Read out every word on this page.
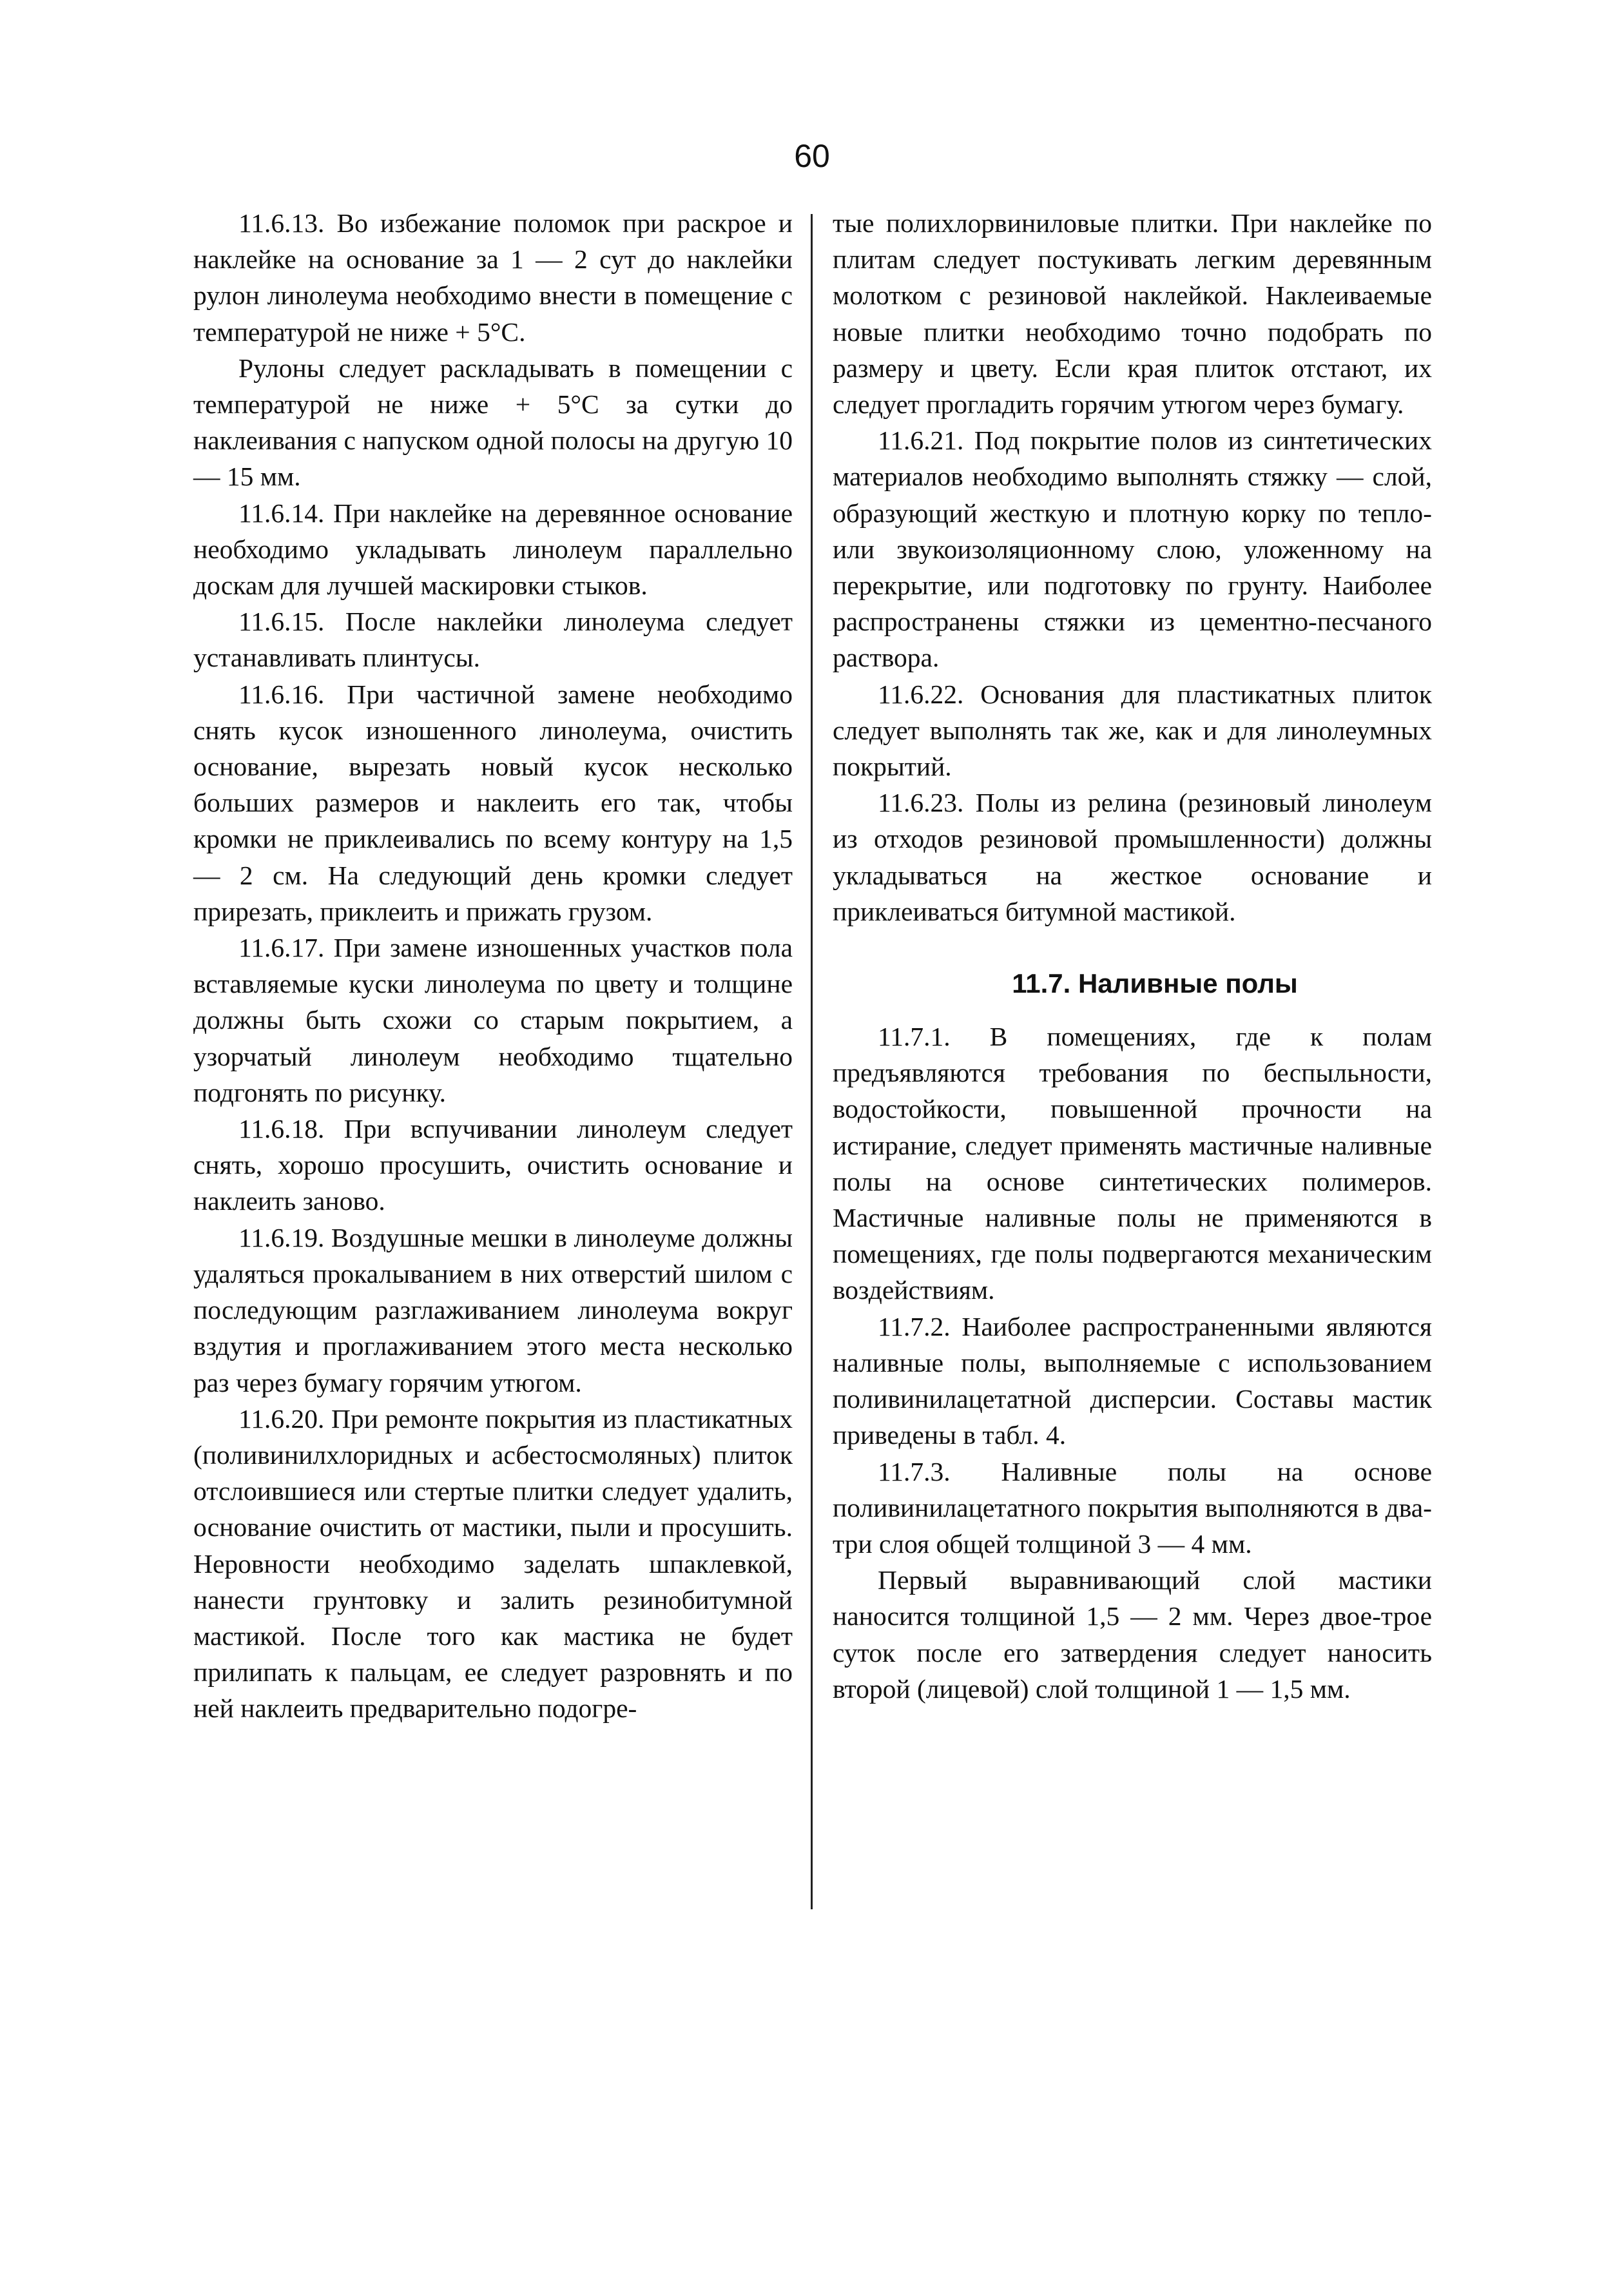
60

11.6.13. Во избежание поломок при раскрое и наклейке на основание за 1 — 2 сут до наклейки рулон линолеума необходимо внести в помещение с температурой не ниже + 5°С.

Рулоны следует раскладывать в помещении с температурой не ниже + 5°С за сутки до наклеивания с напуском одной полосы на другую 10 — 15 мм.

11.6.14. При наклейке на деревянное основание необходимо укладывать линолеум параллельно доскам для лучшей маскировки стыков.

11.6.15. После наклейки линолеума следует устанавливать плинтусы.

11.6.16. При частичной замене необходимо снять кусок изношенного линолеума, очистить основание, вырезать новый кусок несколько больших размеров и наклеить его так, чтобы кромки не приклеивались по всему контуру на 1,5 — 2 см. На следующий день кромки следует прирезать, приклеить и прижать грузом.

11.6.17. При замене изношенных участков пола вставляемые куски линолеума по цвету и толщине должны быть схожи со старым покрытием, а узорчатый линолеум необходимо тщательно подгонять по рисунку.

11.6.18. При вспучивании линолеум следует снять, хорошо просушить, очистить основание и наклеить заново.

11.6.19. Воздушные мешки в линолеуме должны удаляться прокалыванием в них отверстий шилом с последующим разглаживанием линолеума вокруг вздутия и проглаживанием этого места несколько раз через бумагу горячим утюгом.

11.6.20. При ремонте покрытия из пластикатных (поливинилхлоридных и асбестосмоляных) плиток отслоившиеся или стертые плитки следует удалить, основание очистить от мастики, пыли и просушить. Неровности необходимо заделать шпаклевкой, нанести грунтовку и залить резинобитумной мастикой. После того как мастика не будет прилипать к пальцам, ее следует разровнять и по ней наклеить предварительно подогре-

тые полихлорвиниловые плитки. При наклейке по плитам следует постукивать легким деревянным молотком с резиновой наклейкой. Наклеиваемые новые плитки необходимо точно подобрать по размеру и цвету. Если края плиток отстают, их следует прогладить горячим утюгом через бумагу.

11.6.21. Под покрытие полов из синтетических материалов необходимо выполнять стяжку — слой, образующий жесткую и плотную корку по тепло- или звукоизоляционному слою, уложенному на перекрытие, или подготовку по грунту. Наиболее распространены стяжки из цементно-песчаного раствора.

11.6.22. Основания для пластикатных плиток следует выполнять так же, как и для линолеумных покрытий.

11.6.23. Полы из релина (резиновый линолеум из отходов резиновой промышленности) должны укладываться на жесткое основание и приклеиваться битумной мастикой.

11.7. Наливные полы

11.7.1. В помещениях, где к полам предъявляются требования по беспыльности, водостойкости, повышенной прочности на истирание, следует применять мастичные наливные полы на основе синтетических полимеров. Мастичные наливные полы не применяются в помещениях, где полы подвергаются механическим воздействиям.

11.7.2. Наиболее распространенными являются наливные полы, выполняемые с использованием поливинилацетатной дисперсии. Составы мастик приведены в табл. 4.

11.7.3. Наливные полы на основе поливинилацетатного покрытия выполняются в два-три слоя общей толщиной 3 — 4 мм.

Первый выравнивающий слой мастики наносится толщиной 1,5 — 2 мм. Через двое-трое суток после его затвердения следует наносить второй (лицевой) слой толщиной 1 — 1,5 мм.
